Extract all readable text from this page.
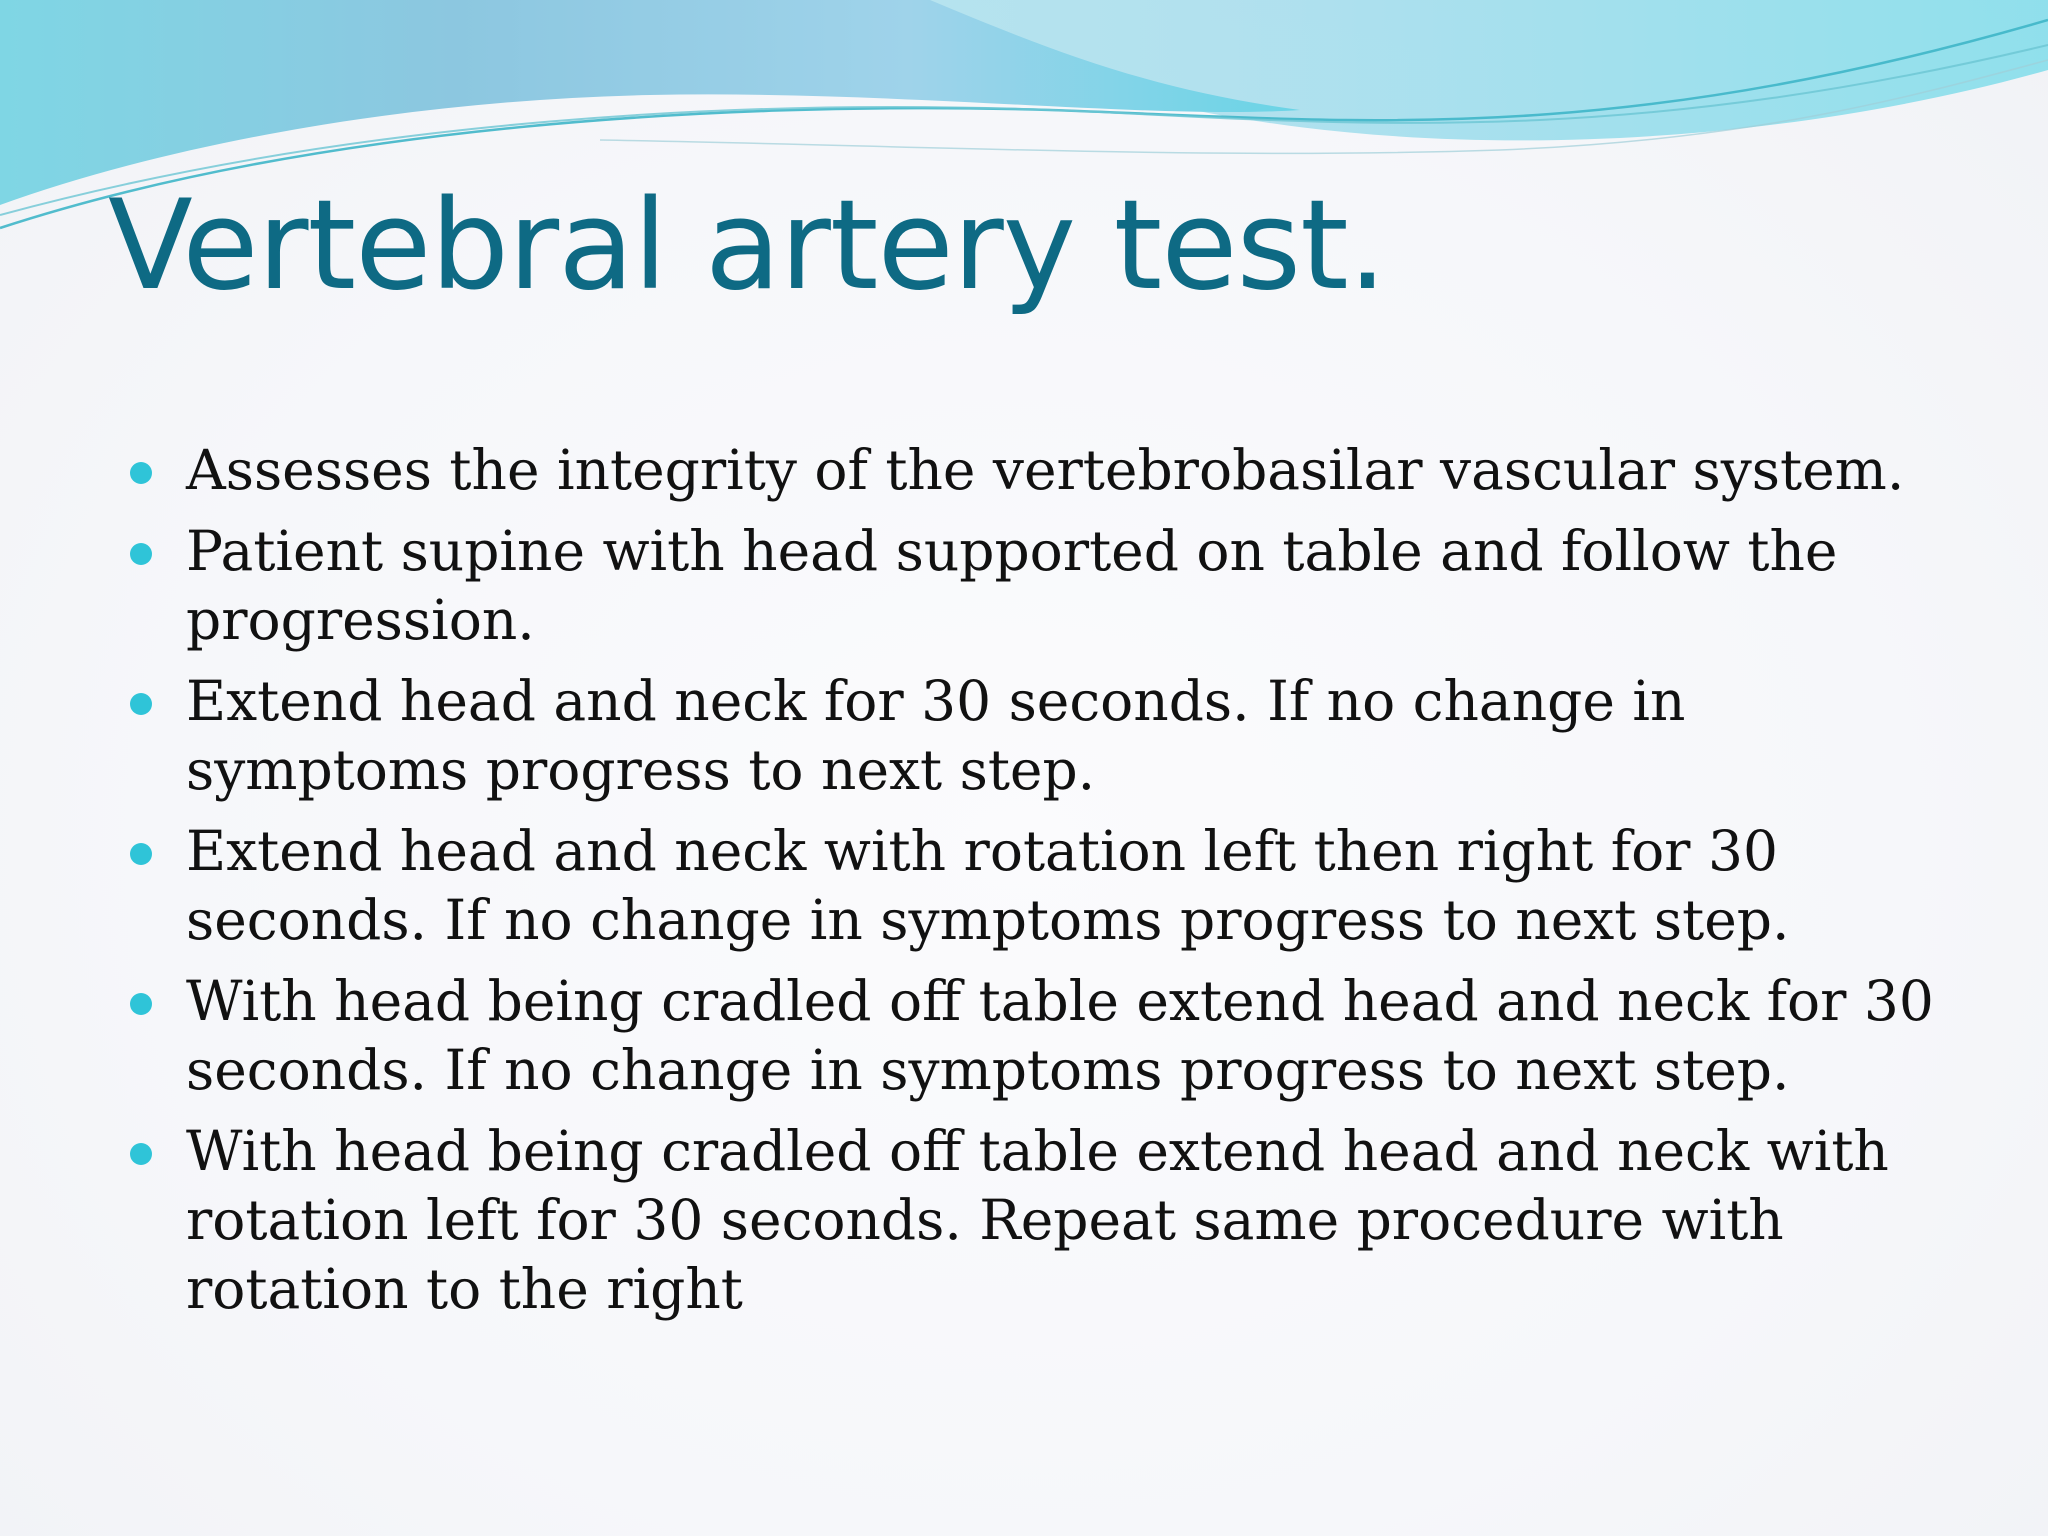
Vertebral artery test.
Assesses the integrity of the vertebrobasilar vascular system.
Patient supine with head supported on table and follow the progression.
Extend head and neck for 30 seconds. If no change in symptoms progress to next step.
Extend head and neck with rotation left then right for 30 seconds. If no change in symptoms progress to next step.
With head being cradled off table extend head and neck for 30 seconds. If no change in symptoms progress to next step.
With head being cradled off table extend head and neck with rotation left for 30 seconds. Repeat same procedure with rotation to the right
